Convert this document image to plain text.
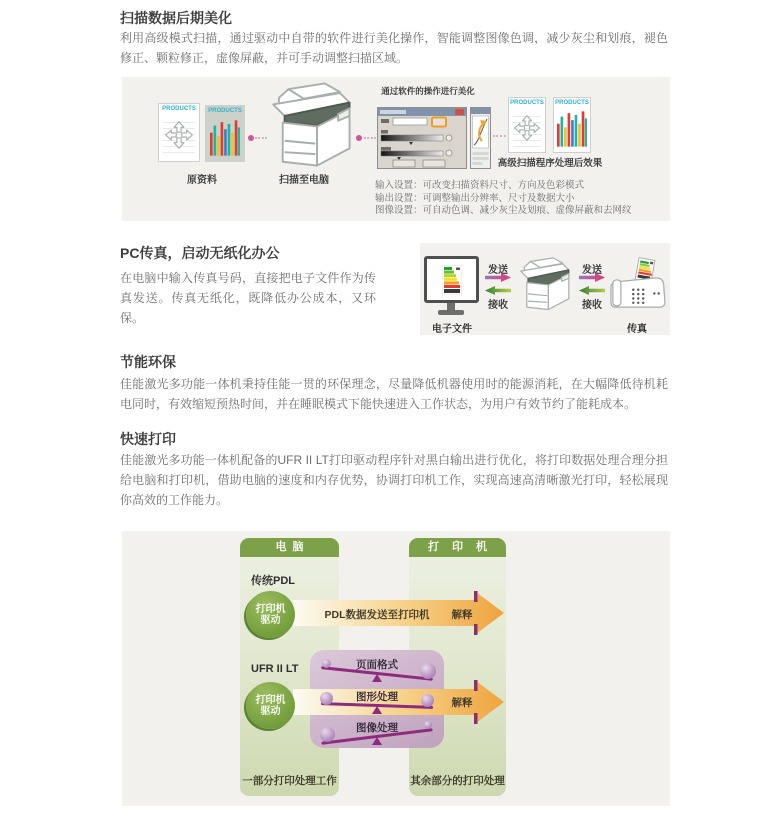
扫描数据后期美化

利用高级模式扫描，通过驱动中自带的软件进行美化操作，智能调整图像色调，减少灰尘和划痕，褪色修正、颗粒修正，虚像屏蔽，并可手动调整扫描区域。

通过软件的操作进行美化
PRODUCTS	PRODUCTS
原资料	扫描至电脑
PRODUCTS PRODUCTS
高级扫描程序处理后效果
输入设置：可改变扫描资料尺寸、方向及色彩模式
输出设置：可调整输出分辨率、尺寸及数据大小
图像设置：可自动色调、减少灰尘及划痕、虚像屏蔽和去网纹
PC传真，启动无纸化办公

在电脑中输入传真号码，直接把电子文件作为传真发送。传真无纸化，既降低办公成本，又环保。

电子文件
发送
接收
发送
接收
传真
节能环保

佳能激光多功能一体机秉持佳能一贯的环保理念，尽量降低机器使用时的能源消耗，在大幅降低待机耗电同时，有效缩短预热时间，并在睡眠模式下能快速进入工作状态，为用户有效节约了能耗成本。

快速打印

佳能激光多功能一体机配备的UFR II LT打印驱动程序针对黑白输出进行优化，将打印数据处理合理分担给电脑和打印机，借助电脑的速度和内存优势，协调打印机工作，实现高速高清晰激光打印，轻松展现你高效的工作能力。

电脑	打印机
传统PDL
打印机
驱动	PDL数据发送至打印机	解释
UFR II LT
打印机
驱动
解释
页面格式
图形处理
图像处理
一部分打印处理工作	其余部分的打印处理
